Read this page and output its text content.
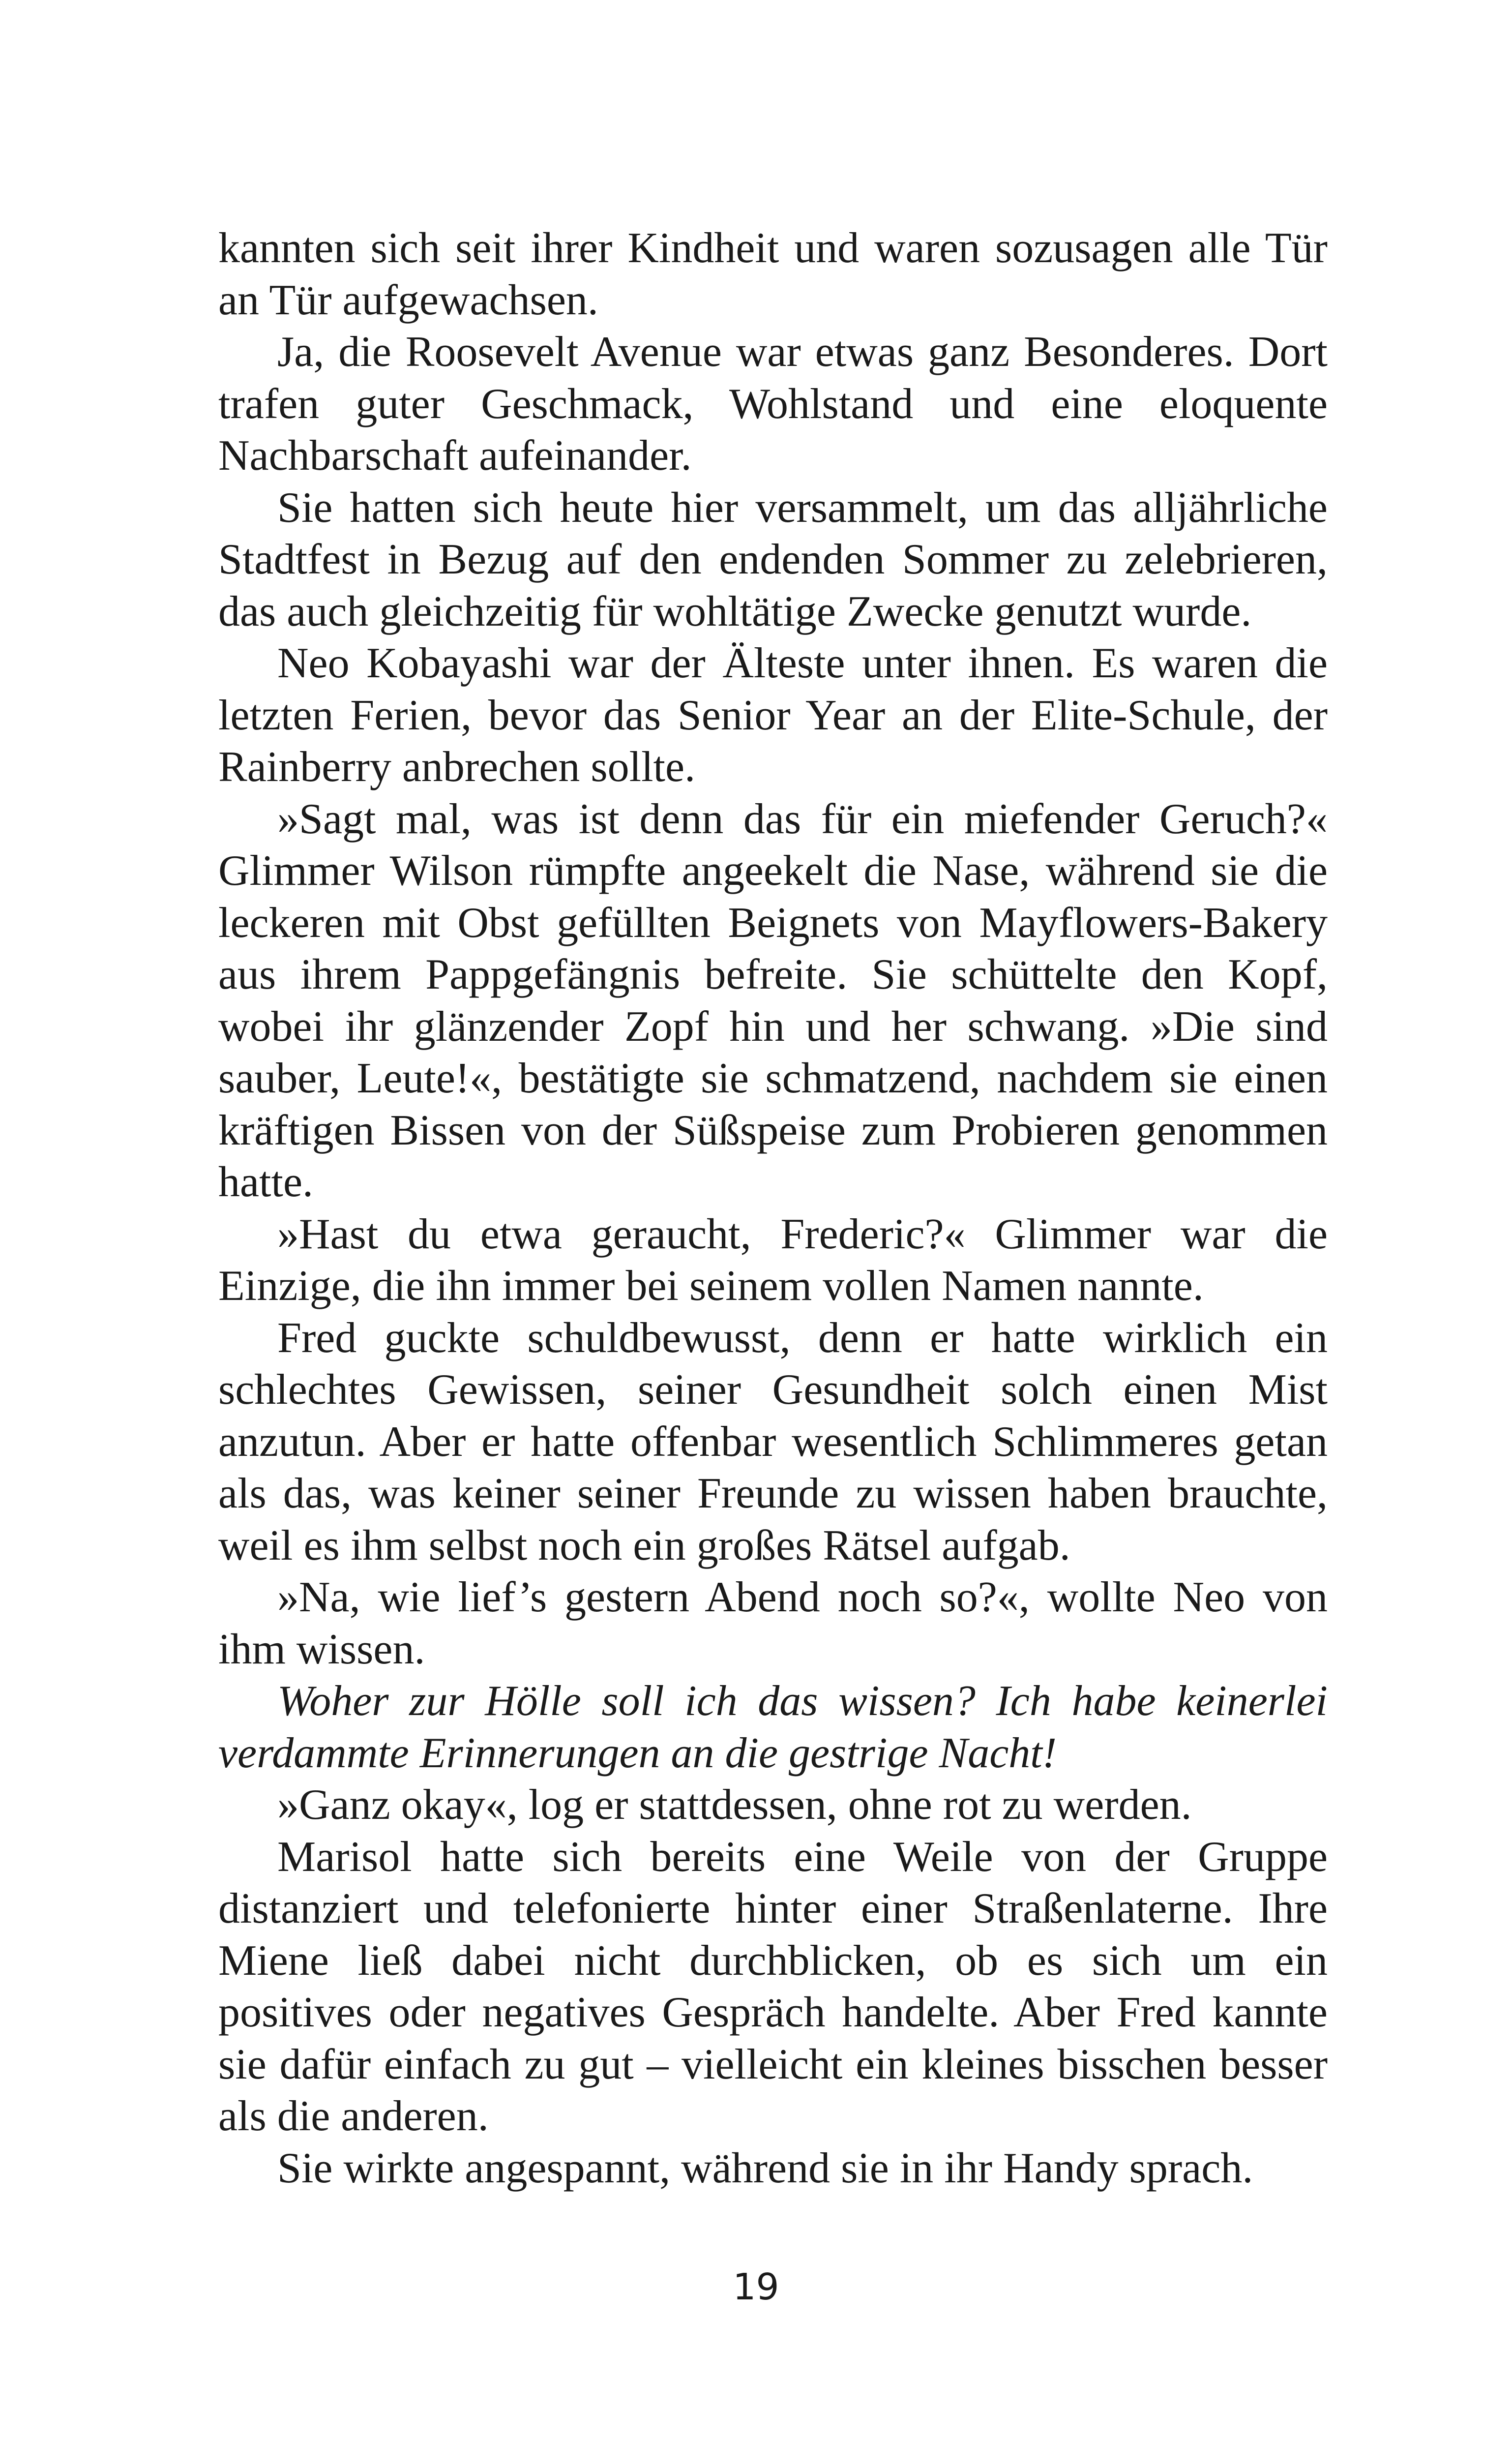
kannten sich seit ihrer Kindheit und waren sozusagen alle Tür an Tür aufgewachsen.

Ja, die Roosevelt Avenue war etwas ganz Besonderes. Dort trafen guter Geschmack, Wohlstand und eine eloquente Nachbarschaft aufeinander.

Sie hatten sich heute hier versammelt, um das alljährliche Stadtfest in Bezug auf den endenden Sommer zu zelebrieren, das auch gleichzeitig für wohltätige Zwecke genutzt wurde.

Neo Kobayashi war der Älteste unter ihnen. Es waren die letzten Ferien, bevor das Senior Year an der Elite-Schule, der Rainberry anbrechen sollte.

»Sagt mal, was ist denn das für ein miefender Geruch?« Glimmer Wilson rümpfte angeekelt die Nase, während sie die leckeren mit Obst gefüllten Beignets von Mayflowers-Bakery aus ihrem Pappgefängnis befreite. Sie schüttelte den Kopf, wobei ihr glänzender Zopf hin und her schwang. »Die sind sauber, Leute!«, bestätigte sie schmatzend, nachdem sie einen kräftigen Bissen von der Süßspeise zum Probieren genommen hatte.

»Hast du etwa geraucht, Frederic?« Glimmer war die Einzige, die ihn immer bei seinem vollen Namen nannte.

Fred guckte schuldbewusst, denn er hatte wirklich ein schlechtes Gewissen, seiner Gesundheit solch einen Mist anzutun. Aber er hatte offenbar wesentlich Schlimmeres getan als das, was keiner seiner Freunde zu wissen haben brauchte, weil es ihm selbst noch ein großes Rätsel aufgab.

»Na, wie lief’s gestern Abend noch so?«, wollte Neo von ihm wissen.

Woher zur Hölle soll ich das wissen? Ich habe keinerlei verdammte Erinnerungen an die gestrige Nacht!

»Ganz okay«, log er stattdessen, ohne rot zu werden.

Marisol hatte sich bereits eine Weile von der Gruppe distanziert und telefonierte hinter einer Straßenlaterne. Ihre Miene ließ dabei nicht durchblicken, ob es sich um ein positives oder negatives Gespräch handelte. Aber Fred kannte sie dafür einfach zu gut – vielleicht ein kleines bisschen besser als die anderen.

Sie wirkte angespannt, während sie in ihr Handy sprach.

19
